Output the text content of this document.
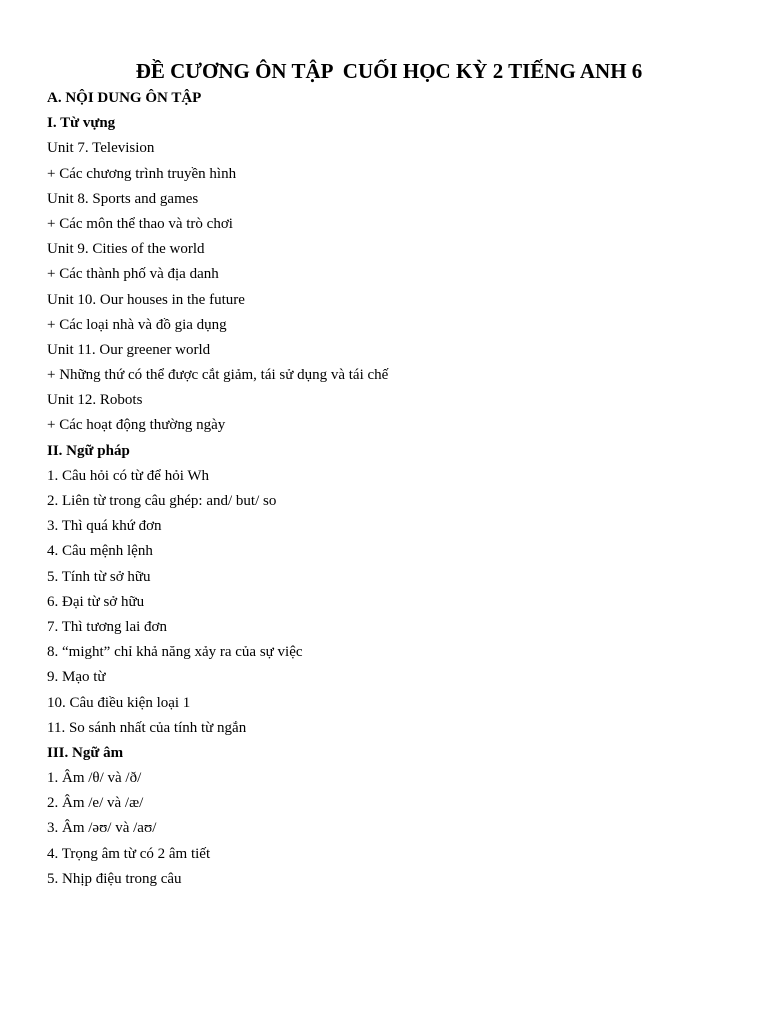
ĐỀ CƯƠNG ÔN TẬP  CUỐI HỌC KỲ 2 TIẾNG ANH 6
A. NỘI DUNG ÔN TẬP
I. Từ vựng
Unit 7. Television
+ Các chương trình truyền hình
Unit 8. Sports and games
+ Các môn thể thao và trò chơi
Unit 9. Cities of the world
+ Các thành phố và địa danh
Unit 10. Our houses in the future
+ Các loại nhà và đồ gia dụng
Unit 11. Our greener world
+ Những thứ có thể được cắt giảm, tái sử dụng và tái chế
Unit 12. Robots
+ Các hoạt động thường ngày
II. Ngữ pháp
1. Câu hỏi có từ để hỏi Wh
2. Liên từ trong câu ghép: and/ but/ so
3. Thì quá khứ đơn
4. Câu mệnh lệnh
5. Tính từ sở hữu
6. Đại từ sở hữu
7. Thì tương lai đơn
8. “might” chỉ khả năng xảy ra của sự việc
9. Mạo từ
10. Câu điều kiện loại 1
11. So sánh nhất của tính từ ngắn
III. Ngữ âm
1. Âm /θ/ và /ð/
2. Âm /e/ và /æ/
3. Âm /əʊ/ và /aʊ/
4. Trọng âm từ có 2 âm tiết
5. Nhịp điệu trong câu
